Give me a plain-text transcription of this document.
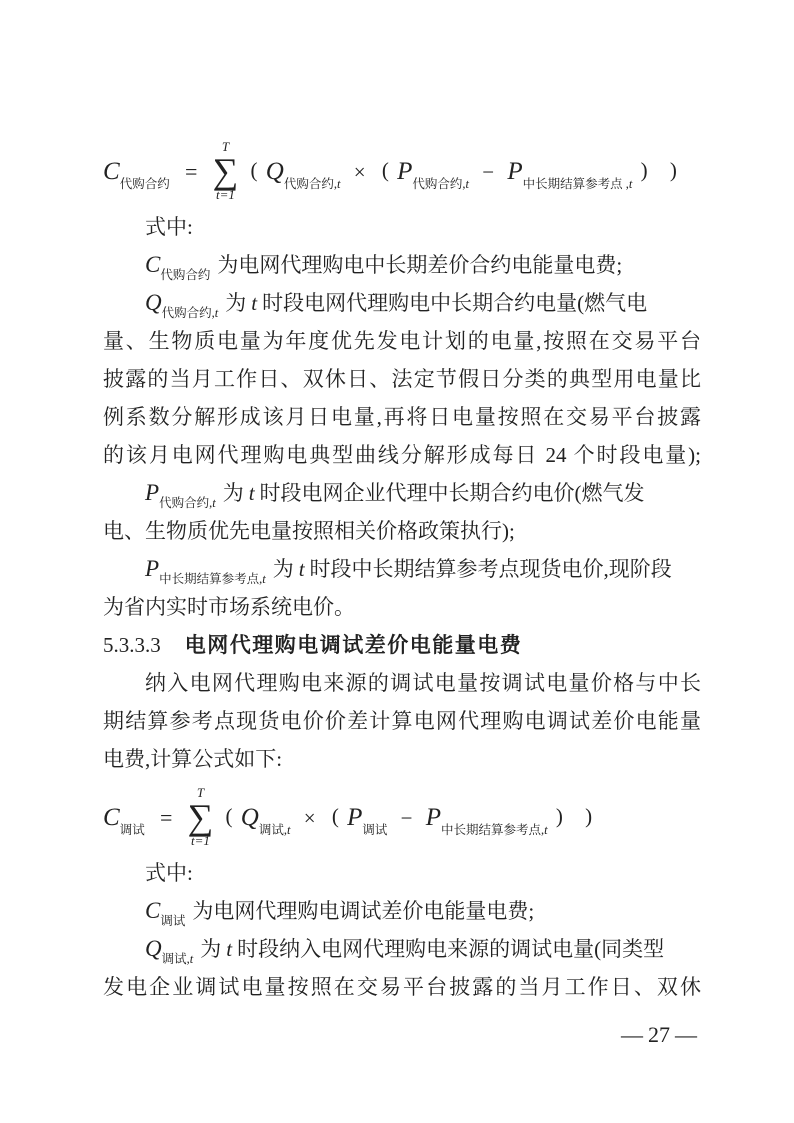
$C_{代购合约}$ =
T
∑
t=1
( $Q_{代购合约,t}$ × ( $P_{代购合约,t} - P_{中长期结算参考点 ,t}$ ) )
式中:
$C_{代购合约}$ 为电网代理购电中长期差价合约电能量电费;
$Q_{代购合约,t}$ 为 t 时段电网代理购电中长期合约电量(燃气电
量、生物质电量为年度优先发电计划的电量,按照在交易平台
披露的当月工作日、双休日、法定节假日分类的典型用电量比
例系数分解形成该月日电量,再将日电量按照在交易平台披露
的该月电网代理购电典型曲线分解形成每日 24 个时段电量);
$P_{代购合约,t}$ 为 t 时段电网企业代理中长期合约电价(燃气发
电、生物质优先电量按照相关价格政策执行);
$P_{中长期结算参考点,t}$ 为 t 时段中长期结算参考点现货电价,现阶段
为省内实时市场系统电价。
5.3.3.3 电网代理购电调试差价电能量电费
纳入电网代理购电来源的调试电量按调试电量价格与中长
期结算参考点现货电价价差计算电网代理购电调试差价电能量
电费,计算公式如下:
$C_{调试}$ =
T
∑
t=1
( $Q_{调试,t}$ × ( $P_{调试} - P_{中长期结算参考点,t}$ ) )
式中:
$C_{调试}$ 为电网代理购电调试差价电能量电费;
$Q_{调试,t}$ 为 t 时段纳入电网代理购电来源的调试电量(同类型
发电企业调试电量按照在交易平台披露的当月工作日、双休
— 27 —
